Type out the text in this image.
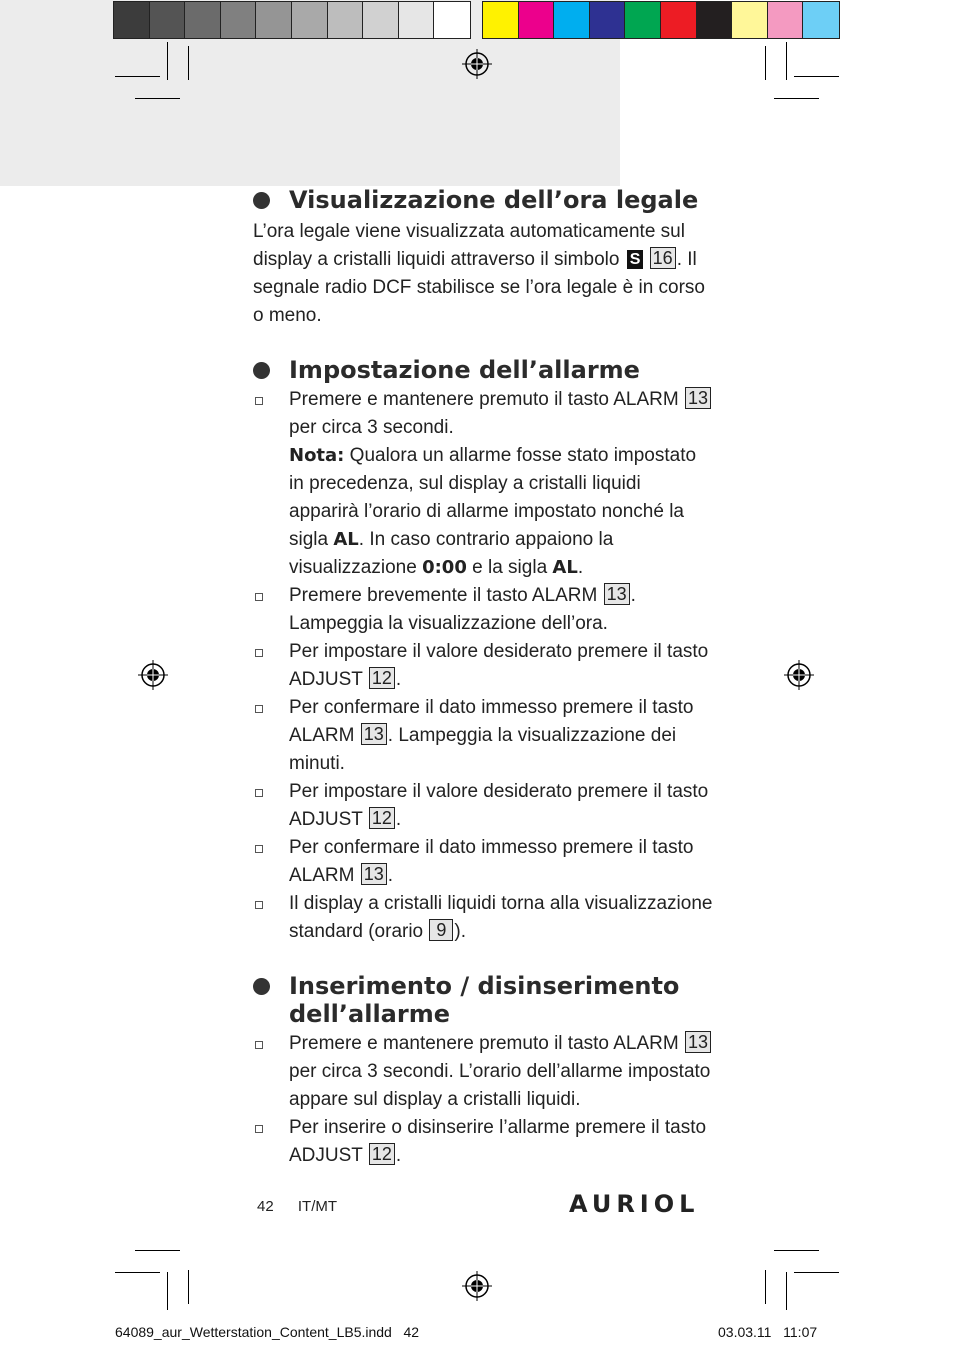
Visualizzazione dell’ora legale

L’ora legale viene visualizzata automaticamente sul display a cristalli liquidi attraverso il simbolo S 16 . Il segnale radio DCF stabilisce se l’ora legale è in corso o meno.

Impostazione dell’allarme
Premere e mantenere premuto il tasto ALARM 13 per circa 3 secondi.
Nota: Qualora un allarme fosse stato impostato in precedenza, sul display a cristalli liquidi apparirà l’orario di allarme impostato nonché la sigla AL. In caso contrario appaiono la visualizzazione 0:00 e la sigla AL.
Premere brevemente il tasto ALARM 13 . Lampeggia la visualizzazione dell’ora.
Per impostare il valore desiderato premere il tasto ADJUST 12 .
Per confermare il dato immesso premere il tasto ALARM 13 . Lampeggia la visualizzazione dei minuti.
Per impostare il valore desiderato premere il tasto ADJUST 12 .
Per confermare il dato immesso premere il tasto ALARM 13 .
Il display a cristalli liquidi torna alla visualizzazione standard (orario 9 ).
Inserimento / disinserimento dell’allarme
Premere e mantenere premuto il tasto ALARM 13 per circa 3 secondi. L’orario dell’allarme impostato appare sul display a cristalli liquidi.
Per inserire o disinserire l’allarme premere il tasto ADJUST 12 .
42 IT/MT	AURIOL
64089_aur_Wetterstation_Content_LB5.indd   42	03.03.11 11:07
